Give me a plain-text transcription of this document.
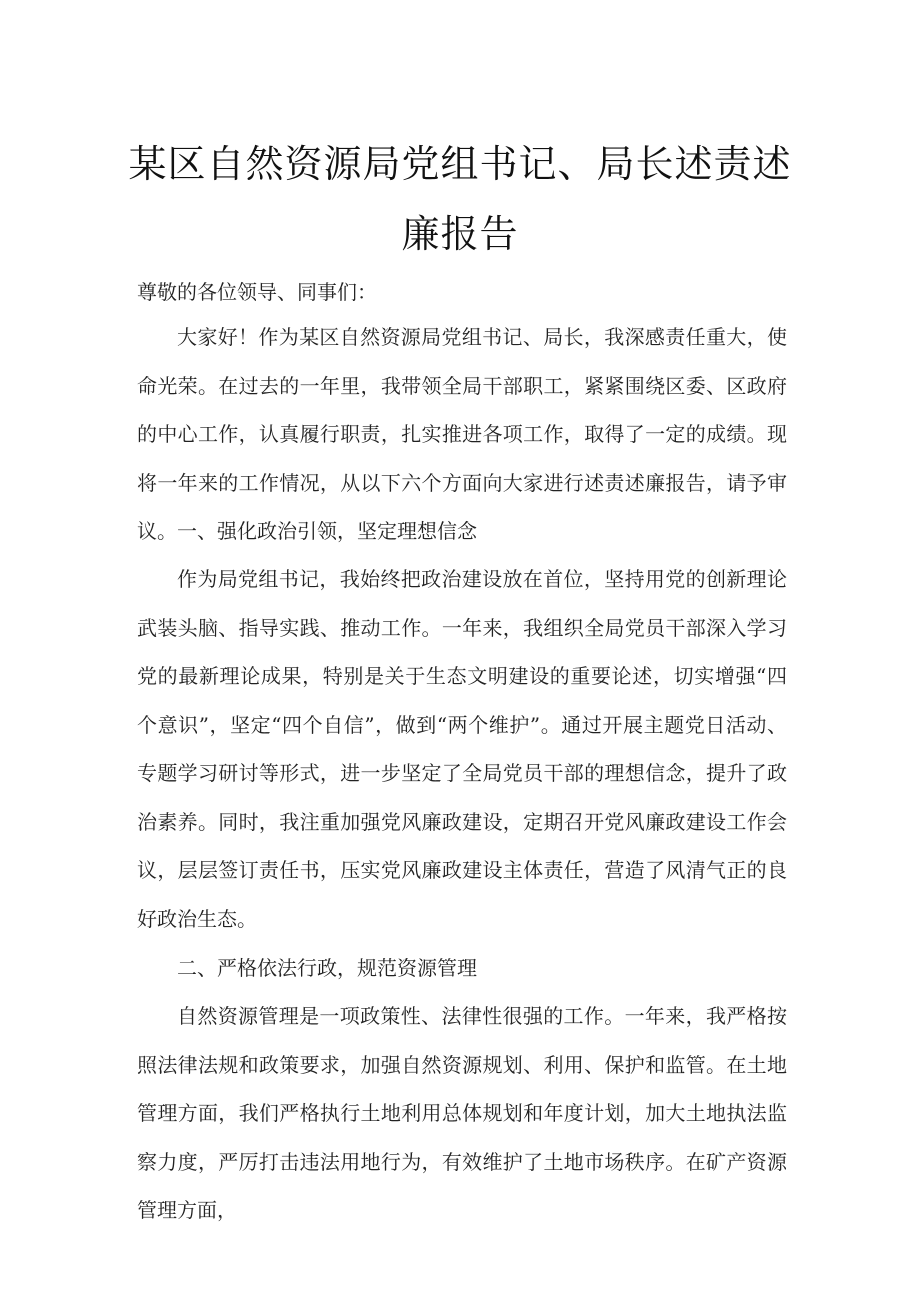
某区自然资源局党组书记、局长述责述
廉报告

尊敬的各位领导、同事们：

大家好！作为某区自然资源局党组书记、局长，我深感责任重大，使命光荣。在过去的一年里，我带领全局干部职工，紧紧围绕区委、区政府的中心工作，认真履行职责，扎实推进各项工作，取得了一定的成绩。现将一年来的工作情况，从以下六个方面向大家进行述责述廉报告，请予审议。 一、强化政治引领，坚定理想信念

作为局党组书记，我始终把政治建设放在首位，坚持用党的创新理论武装头脑、指导实践、推动工作。一年来，我组织全局党员干部深入学习党的最新理论成果，特别是关于生态文明建设的重要论述，切实增强“四个意识”，坚定“四个自信”，做到“两个维护”。通过开展主题党日活动、专题学习研讨等形式，进一步坚定了全局党员干部的理想信念，提升了政治素养。同时，我注重加强党风廉政建设，定期召开党风廉政建设工作会议，层层签订责任书，压实党风廉政建设主体责任，营造了风清气正的良好政治生态。

二、严格依法行政，规范资源管理

自然资源管理是一项政策性、法律性很强的工作。一年来，我严格按照法律法规和政策要求，加强自然资源规划、利用、保护和监管。在土地管理方面，我们严格执行土地利用总体规划和年度计划，加大土地执法监察力度，严厉打击违法用地行为，有效维护了土地市场秩序。在矿产资源管理方面，
